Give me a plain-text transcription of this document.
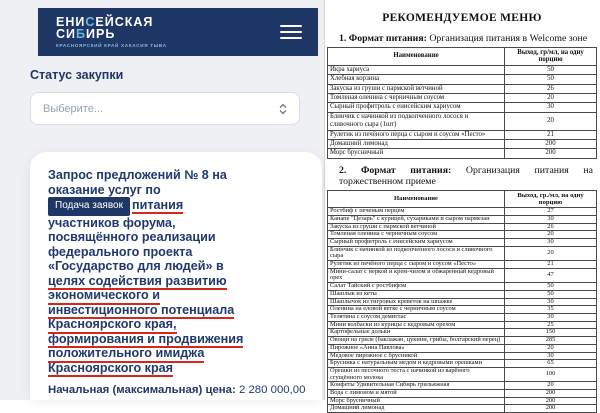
ЕНИСЕЙСКАЯ
СИБИРЬ
КРАСНОЯРСКИЙ КРАЙ ХАКАСИЯ ТЫВА
Статус закупки
Выберите...
Запрос предложений № 8 на
оказание услуг по
Подача заявок питания
участников форума,
посвящённого реализации
федерального проекта
«Государство для людей» в
целях содействия развитию
экономического и
инвестиционного потенциала
Красноярского края,
формирования и продвижения
положительного имиджа
Красноярского края
Начальная (максимальная) цена: 2 280 000,00
РЕКОМЕНДУЕМОЕ МЕНЮ
1. Формат питания: Организация питания в Welcome зоне
Наименование	Выход, гр/мл, на одну порцию
Икра хариуса	50
Хлебная корзина	50
Закуска из груши с пармской ветчиной	26
Томленая оленина с черничным соусом	20
Сырный профитроль с енисейским хариусом	30
Блинчик с начинкой из подкопченного лосося и сливочного сыра (1шт)	20
Рулетик из печёного перца с сыром и соусом «Песто»	21
Домашний лимонад	200
Морс брусничный	200
2. Формат питания: Организация питания на торжественном приеме
Наименование	Выход, гр./мл, на одну порцию
Ростбиф с печеным перцем	27
Канапе "Цезарь" с курицей, сухариками и сыром пармезан	30
Закуска из груши с пармской ветчиной	26
Томленая оленина с черничным соусом	20
Сырный профитроль с енисейским хариусом	30
Блинчик с начинкой из подкопченного лосося и сливочного сыра	20
Рулетик из печёного перца с сыром и соусом «Песто»	21
Мини-салат с неркой и крем-чизом и обжаренный кедровый орех	47
Салат Тайский с ростбифом	50
Шашлык из кеты	50
Шашлычок из тигровых креветок на шпажке	30
Оленина на еловой ветке с черничным соусом	35
Телятина с соусом демиглас	30
Мини колбаски из курицы с кедровым орехом	25
Картофельные дольки	150
Овощи на гриле (баклажан, цукини, грибы, болгарский перец)	285
Пирожное «Анна Павлова»	20
Медовое пирожное с брусникой	30
Брусника с натуральным медом и кедровыми орешками	65
Орешки из песочного теста с начинкой из варёного сгущённого молока	100
Конфеты Удивительная Сибирь грильяжная	20
Вода с лимоном и мятой	200
Морс брусничный	200
Домашний лимонад	200
